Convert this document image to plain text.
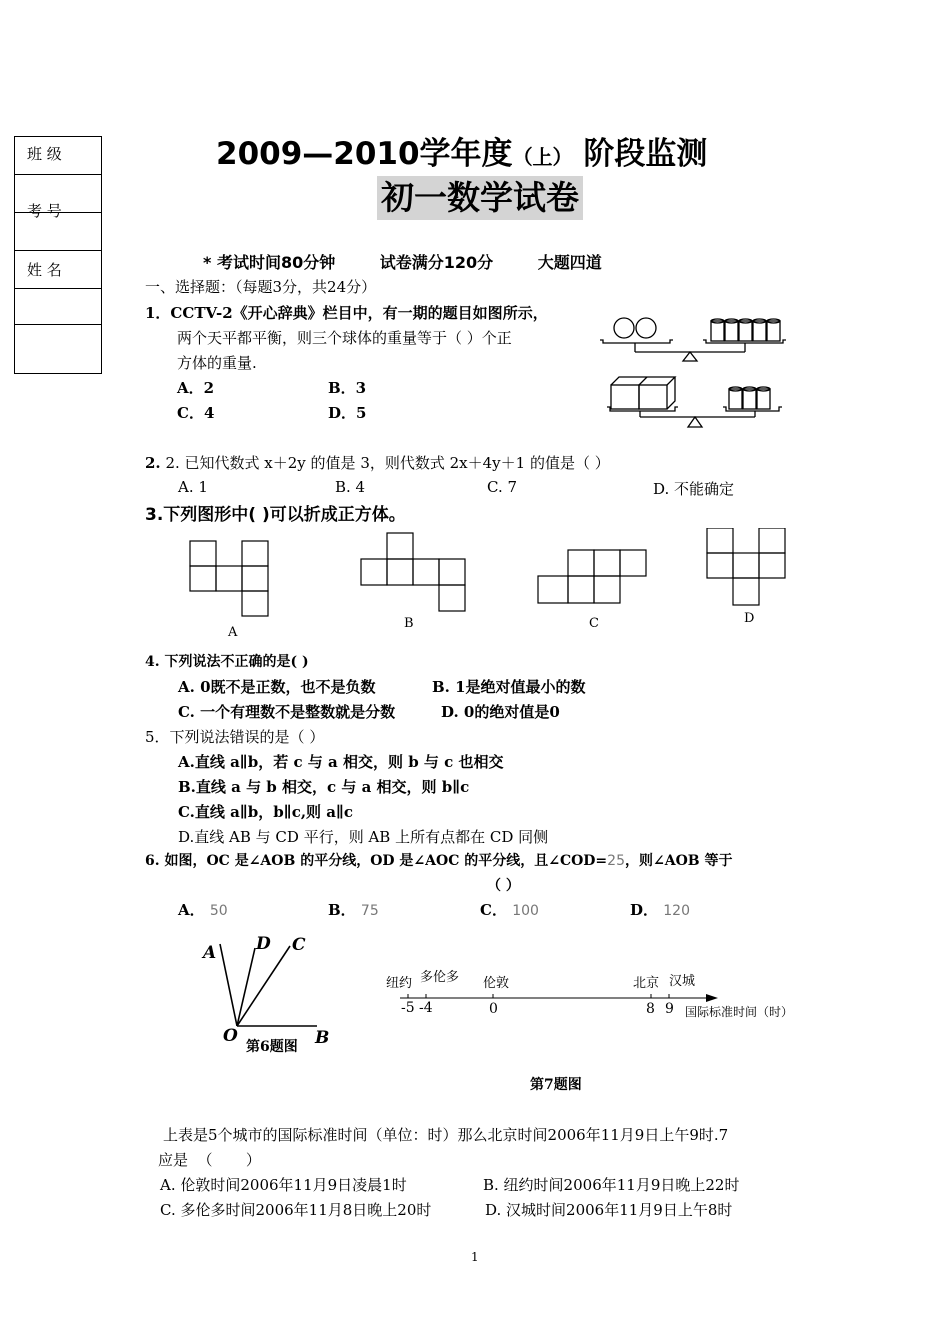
班 级
考 号
姓 名
2009—2010学年度（上） 阶段监测
初一数学试卷
* 考试时间80分钟        试卷满分120分        大题四道
一、选择题：（每题3分，共24分）
1．CCTV-2《开心辞典》栏目中，有一期的题目如图所示，
两个天平都平衡，则三个球体的重量等于（ ）个正
方体的重量.
A．2	B．3
C．4	D．5
2. 2. 已知代数式 x＋2y 的值是 3，则代数式 2x＋4y＋1 的值是（ ）
A. 1	B. 4	C. 7	D. 不能确定
3.下列图形中( )可以折成正方体。
A
B	C	D
4. 下列说法不正确的是( )
A. 0既不是正数，也不是负数	B. 1是绝对值最小的数
C. 一个有理数不是整数就是分数	D. 0的绝对值是0
5．下列说法错误的是（ ）
A.直线 a∥b，若 c 与 a 相交，则 b 与 c 也相交
B.直线 a 与 b 相交，c 与 a 相交，则 b∥c
C.直线 a∥b，b∥c,则 a∥c
D.直线 AB 与 CD 平行，则 AB 上所有点都在 CD 同侧
6. 如图，OC 是∠AOB 的平分线，OD 是∠AOC 的平分线，且∠COD=25，则∠AOB 等于
（ ）
A． 50	B． 75	C． 100	D． 120
A D C
O	B
第6题图
纽约 多伦多 伦敦	北京 汉城
-5 -4	0	8 9 国际标准时间（时）
第7题图
上表是5个城市的国际标准时间（单位：时）那么北京时间2006年11月9日上午9时.7
应是  （       ）
A. 伦敦时间2006年11月9日凌晨1时	B. 纽约时间2006年11月9日晚上22时
C. 多伦多时间2006年11月8日晚上20时	D. 汉城时间2006年11月9日上午8时
1
